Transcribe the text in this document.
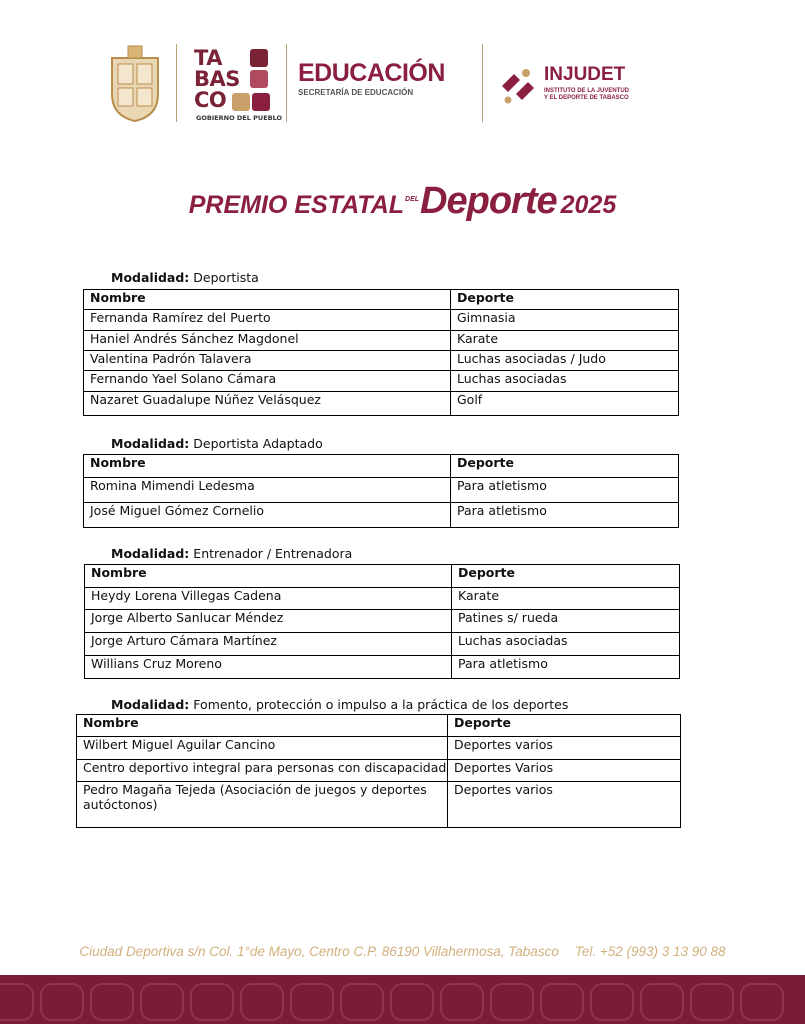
TA
BAS
CO
GOBIERNO DEL PUEBLO
EDUCACIÓN
SECRETARÍA DE EDUCACIÓN
INJUDET
INSTITUTO DE LA JUVENTUD
Y EL DEPORTE DE TABASCO
PREMIO $ESTATAL^{DEL}Deporte$ 2025
Modalidad: Deportista
Nombre	Deporte
Fernanda Ramírez del Puerto	Gimnasia
Haniel Andrés Sánchez Magdonel	Karate
Valentina Padrón Talavera	Luchas asociadas / Judo
Fernando Yael Solano Cámara	Luchas asociadas
Nazaret Guadalupe Núñez Velásquez	Golf
Modalidad: Deportista Adaptado
Nombre	Deporte
Romina Mimendi Ledesma	Para atletismo
José Miguel Gómez Cornelio	Para atletismo
Modalidad: Entrenador / Entrenadora
Nombre	Deporte
Heydy Lorena Villegas Cadena	Karate
Jorge Alberto Sanlucar Méndez	Patines s/ rueda
Jorge Arturo Cámara Martínez	Luchas asociadas
Willians Cruz Moreno	Para atletismo
Modalidad: Fomento, protección o impulso a la práctica de los deportes
Nombre	Deporte
Wilbert Miguel Aguilar Cancino	Deportes varios
Centro deportivo integral para personas con discapacidad	Deportes Varios
Pedro Magaña Tejeda (Asociación de juegos y deportes autóctonos)	Deportes varios
Ciudad Deportiva s/n Col. 1°de Mayo, Centro C.P. 86190 Villahermosa, Tabasco Tel. +52 (993) 3 13 90 88
